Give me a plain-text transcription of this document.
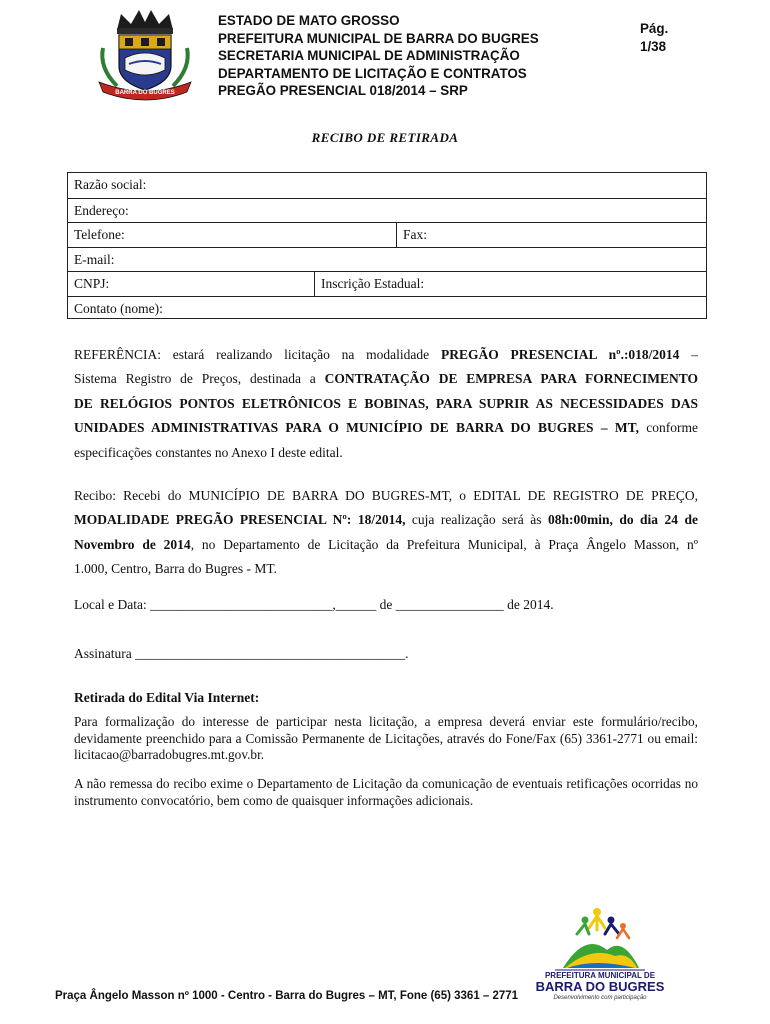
BARRA DO BUGRES
ESTADO DE MATO GROSSO
PREFEITURA MUNICIPAL DE BARRA DO BUGRES
SECRETARIA MUNICIPAL DE ADMINISTRAÇÃO
DEPARTAMENTO DE LICITAÇÃO E CONTRATOS
PREGÃO PRESENCIAL 018/2014 – SRP
Pág.
1/38
RECIBO DE RETIRADA
Razão social:
Endereço:
Telefone:	Fax:
E-mail:
CNPJ:	Inscrição Estadual:
Contato (nome):
REFERÊNCIA: estará realizando licitação na modalidade PREGÃO PRESENCIAL nº.:018/2014 –
Sistema Registro de Preços, destinada a CONTRATAÇÃO DE EMPRESA PARA FORNECIMENTO
DE RELÓGIOS PONTOS ELETRÔNICOS E BOBINAS, PARA SUPRIR AS NECESSIDADES DAS
UNIDADES ADMINISTRATIVAS PARA O MUNICÍPIO DE BARRA DO BUGRES – MT, conforme
especificações constantes no Anexo I deste edital.
Recibo: Recebi do MUNICÍPIO DE BARRA DO BUGRES-MT, o EDITAL DE REGISTRO DE PREÇO,
MODALIDADE PREGÃO PRESENCIAL Nº: 18/2014, cuja realização será às 08h:00min, do dia 24 de
Novembro de 2014, no Departamento de Licitação da Prefeitura Municipal, à Praça Ângelo Masson, nº
1.000, Centro, Barra do Bugres - MT.
Local e Data: ___________________________,______ de ________________ de 2014.
Assinatura ________________________________________.
Retirada do Edital Via Internet:
Para formalização do interesse de participar nesta licitação, a empresa deverá enviar este formulário/recibo, devidamente preenchido para a Comissão Permanente de Licitações, através do Fone/Fax (65) 3361-2771 ou email: licitacao@barradobugres.mt.gov.br.
A não remessa do recibo exime o Departamento de Licitação da comunicação de eventuais retificações ocorridas no instrumento convocatório, bem como de quaisquer informações adicionais.
Praça Ângelo Masson nº 1000 - Centro - Barra do Bugres – MT, Fone (65) 3361 – 2771
PREFEITURA MUNICIPAL DE
BARRA DO BUGRES
Desenvolvimento com participação
